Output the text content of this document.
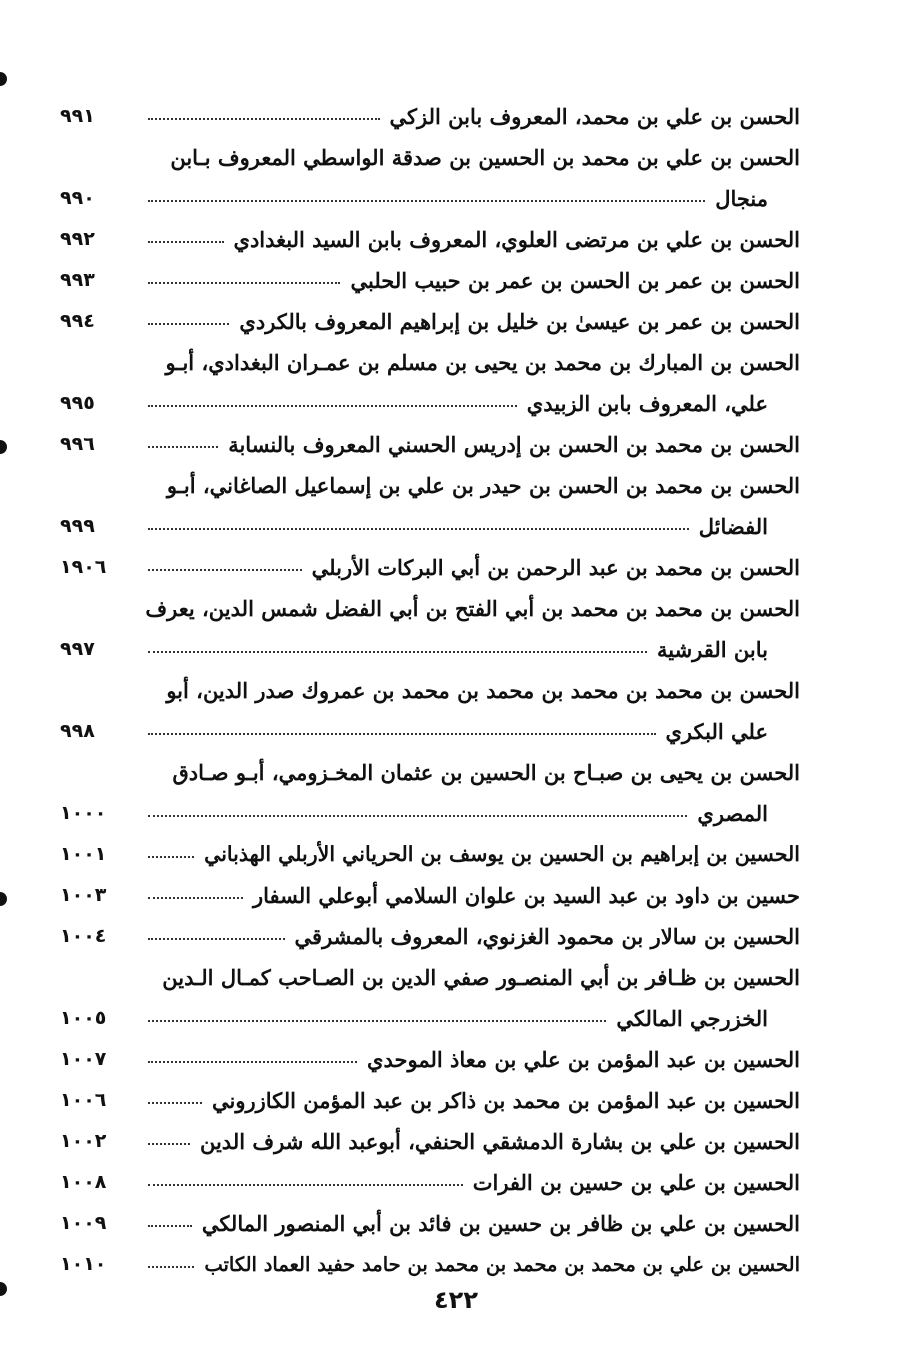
الحسن بن علي بن محمد، المعروف بابن الزكي
٩٩١
الحسن بن علي بن محمد بن الحسين بن صدقة الواسطي المعروف بـابن
منجال
٩٩٠
الحسن بن علي بن مرتضى العلوي، المعروف بابن السيد البغدادي
٩٩٢
الحسن بن عمر بن الحسن بن عمر بن حبيب الحلبي
٩٩٣
الحسن بن عمر بن عيسىٰ بن خليل بن إبراهيم المعروف بالكردي
٩٩٤
الحسن بن المبارك بن محمد بن يحيى بن مسلم بن عمـران البغدادي، أبـو
علي، المعروف بابن الزبيدي
٩٩٥
الحسن بن محمد بن الحسن بن إدريس الحسني المعروف بالنسابة
٩٩٦
الحسن بن محمد بن الحسن بن حيدر بن علي بن إسماعيل الصاغاني، أبـو
الفضائل
٩٩٩
الحسن بن محمد بن عبد الرحمن بن أبي البركات الأربلي
١٩٠٦
الحسن بن محمد بن محمد بن أبي الفتح بن أبي الفضل شمس الدين، يعرف
بابن القرشية
٩٩٧
الحسن بن محمد بن محمد بن محمد بن محمد بن عمروك صدر الدين، أبو
علي البكري
٩٩٨
الحسن بن يحيى بن صبـاح بن الحسين بن عثمان المخـزومي، أبـو صـادق
المصري
١٠٠٠
الحسين بن إبراهيم بن الحسين بن يوسف بن الحرياني الأربلي الهذباني
١٠٠١
حسين بن داود بن عبد السيد بن علوان السلامي أبوعلي السفار
١٠٠٣
الحسين بن سالار بن محمود الغزنوي، المعروف بالمشرقي
١٠٠٤
الحسين بن ظـافر بن أبي المنصـور صفي الدين بن الصـاحب كمـال الـدين
الخزرجي المالكي
١٠٠٥
الحسين بن عبد المؤمن بن علي بن معاذ الموحدي
١٠٠٧
الحسين بن عبد المؤمن بن محمد بن ذاكر بن عبد المؤمن الكازروني
١٠٠٦
الحسين بن علي بن بشارة الدمشقي الحنفي، أبوعبد الله شرف الدين
١٠٠٢
الحسين بن علي بن حسين بن الفرات
١٠٠٨
الحسين بن علي بن ظافر بن حسين بن فائد بن أبي المنصور المالكي
١٠٠٩
الحسين بن علي بن محمد بن محمد بن محمد بن حامد حفيد العماد الكاتب
١٠١٠
٤٢٢
